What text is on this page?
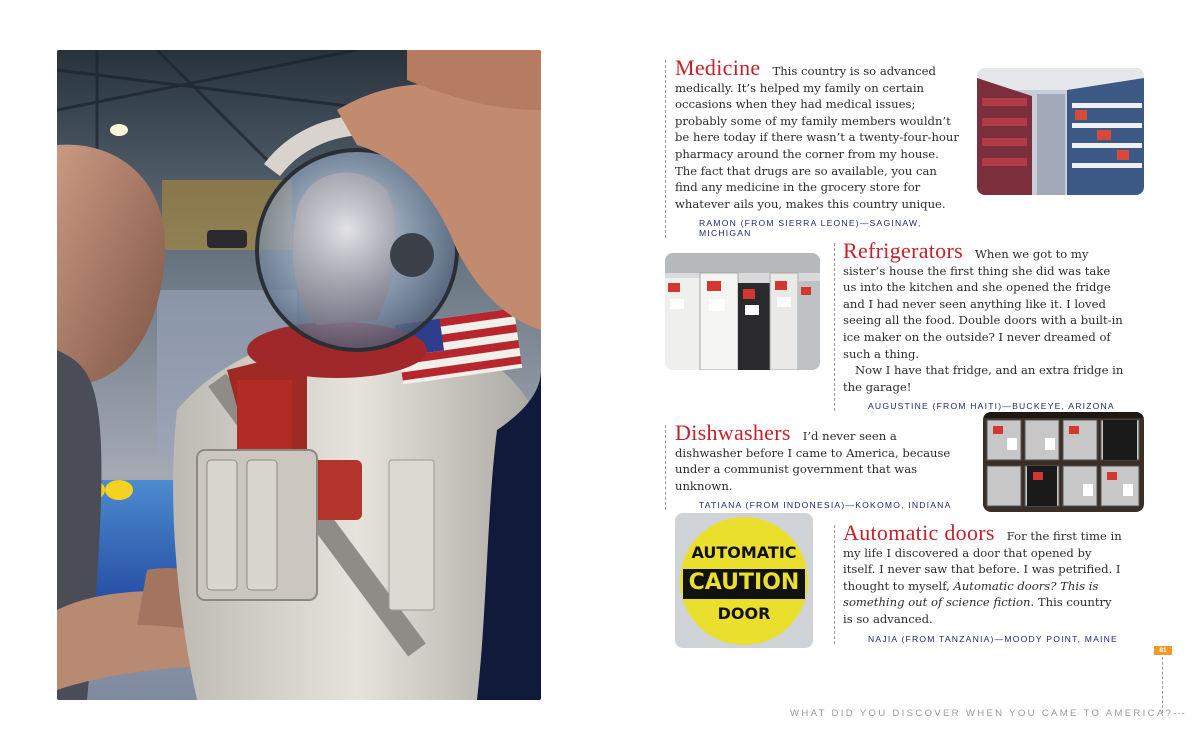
Medicine This country is so advanced medically. It’s helped my family on certain occasions when they had medical issues; probably some of my family members wouldn’t be here today if there wasn’t a twenty-four-hour pharmacy around the corner from my house. The fact that drugs are so available, you can find any medicine in the grocery store for whatever ails you, makes this country unique.
RAMON (FROM SIERRA LEONE)—SAGINAW, MICHIGAN
Refrigerators When we got to my sister’s house the first thing she did was take us into the kitchen and she opened the fridge and I had never seen anything like it. I loved seeing all the food. Double doors with a built-in ice maker on the outside? I never dreamed of such a thing.
Now I have that fridge, and an extra fridge in the garage!
AUGUSTINE (FROM HAITI)—BUCKEYE, ARIZONA
Dishwashers I’d never seen a dishwasher before I came to America, because under a communist government that was unknown.
TATIANA (FROM INDONESIA)—KOKOMO, INDIANA
AUTOMATIC
CAUTION
DOOR
Automatic doors For the first time in my life I discovered a door that opened by itself. I never saw that before. I was petrified. I thought to myself, Automatic doors? This is something out of science fiction. This country is so advanced.
NAJIA (FROM TANZANIA)—MOODY POINT, MAINE
81
WHAT DID YOU DISCOVER WHEN YOU CAME TO AMERICA?---
